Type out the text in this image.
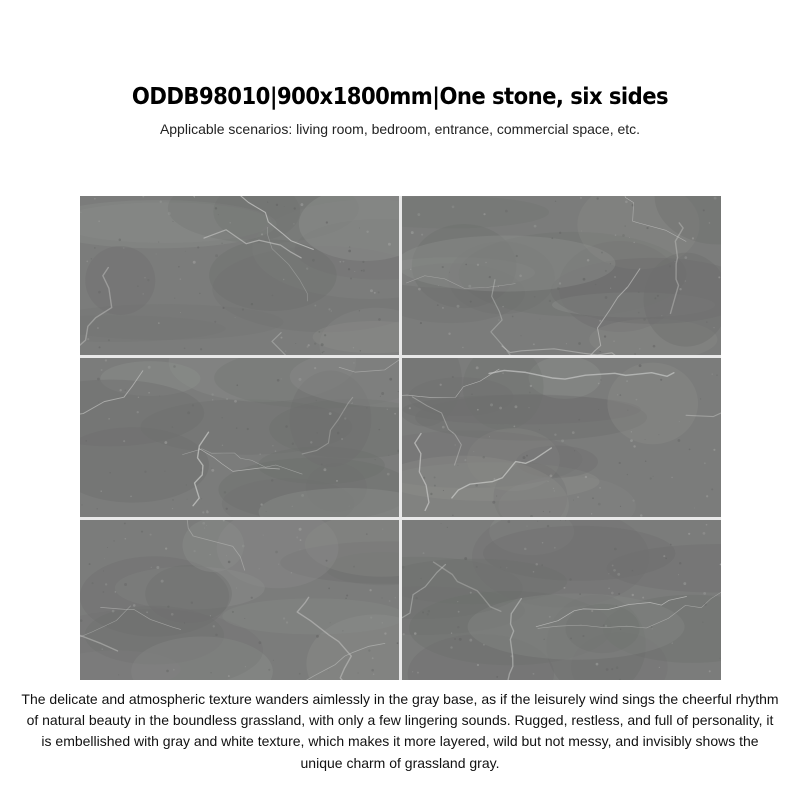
ODDB98010|900x1800mm|One stone, six sides
Applicable scenarios: living room, bedroom, entrance, commercial space, etc.
The delicate and atmospheric texture wanders aimlessly in the gray base, as if the leisurely wind sings the cheerful rhythm of natural beauty in the boundless grassland, with only a few lingering sounds. Rugged, restless, and full of personality, it is embellished with gray and white texture, which makes it more layered, wild but not messy, and invisibly shows the unique charm of grassland gray.
